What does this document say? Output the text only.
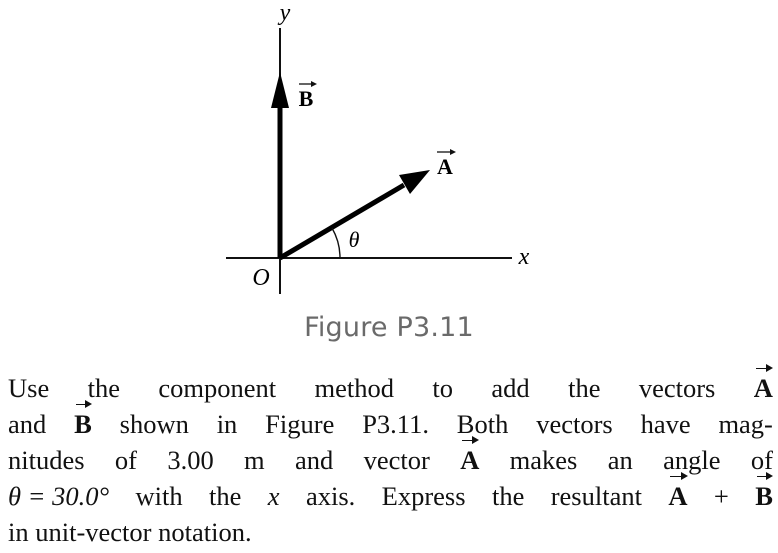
y
x
O
θ
B
A
Figure P3.11
Use the component method to add the vectors A
and B shown in Figure P3.11. Both vectors have mag-
nitudes of 3.00 m and vector A makes an angle of
θ = 30.0° with the x axis. Express the resultant A + B
in unit-vector notation.
